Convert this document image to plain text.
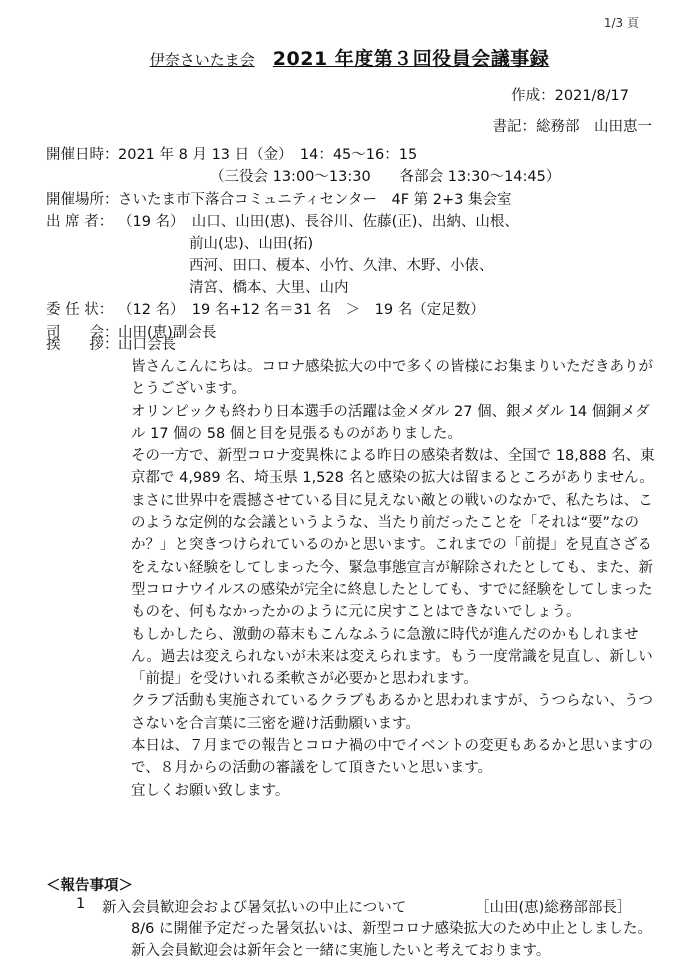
1/3 頁
伊奈さいたま会 2021 年度第３回役員会議事録
作成：2021/8/17
書記：総務部　山田恵一
開催日時： 2021 年 8 月 13 日（金）　14：45～16：15
（三役会 13:00～13:30　　各部会 13:30～14:45）
開催場所： さいたま市下落合コミュニティセンター　4F 第 2+3 集会室
出 席 者： （19 名）　山口、山田(恵)、長谷川、佐藤(正)、出納、山根、
前山(忠)、山田(拓)
西河、田口、榎本、小竹、久津、木野、小俵、
清宮、橋本、大里、山内
委 任 状： （12 名）　19 名+12 名＝31 名　＞　19 名（定足数）
司　　会： 山田(恵)副会長
挨　　拶： 山口会長

皆さんこんにちは。コロナ感染拡大の中で多くの皆様にお集まりいただきありがとうございます。

オリンピックも終わり日本選手の活躍は金メダル 27 個、銀メダル 14 個銅メダル 17 個の 58 個と目を見張るものがありました。

その一方で、新型コロナ変異株による昨日の感染者数は、全国で 18,888 名、東京都で 4,989 名、埼玉県 1,528 名と感染の拡大は留まるところがありません。

まさに世界中を震撼させている目に見えない敵との戦いのなかで、私たちは、このような定例的な会議というような、当たり前だったことを「それは“要”なのか？」と突きつけられているのかと思います。これまでの「前提」を見直さざるをえない経験をしてしまった今、緊急事態宣言が解除されたとしても、また、新型コロナウイルスの感染が完全に終息したとしても、すでに経験をしてしまったものを、何もなかったかのように元に戻すことはできないでしょう。

もしかしたら、激動の幕末もこんなふうに急激に時代が進んだのかもしれません。過去は変えられないが未来は変えられます。もう一度常識を見直し、新しい「前提」を受けいれる柔軟さが必要かと思われます。

クラブ活動も実施されているクラブもあるかと思われますが、うつらない、うつさないを合言葉に三密を避け活動願います。

本日は、７月までの報告とコロナ禍の中でイベントの変更もあるかと思いますので、８月からの活動の審議をして頂きたいと思います。

宜しくお願い致します。

＜報告事項＞
1 新入会員歓迎会および暑気払いの中止について	［山田(恵)総務部部長］

8/6 に開催予定だった暑気払いは、新型コロナ感染拡大のため中止としました。新入会員歓迎会は新年会と一緒に実施したいと考えております。
